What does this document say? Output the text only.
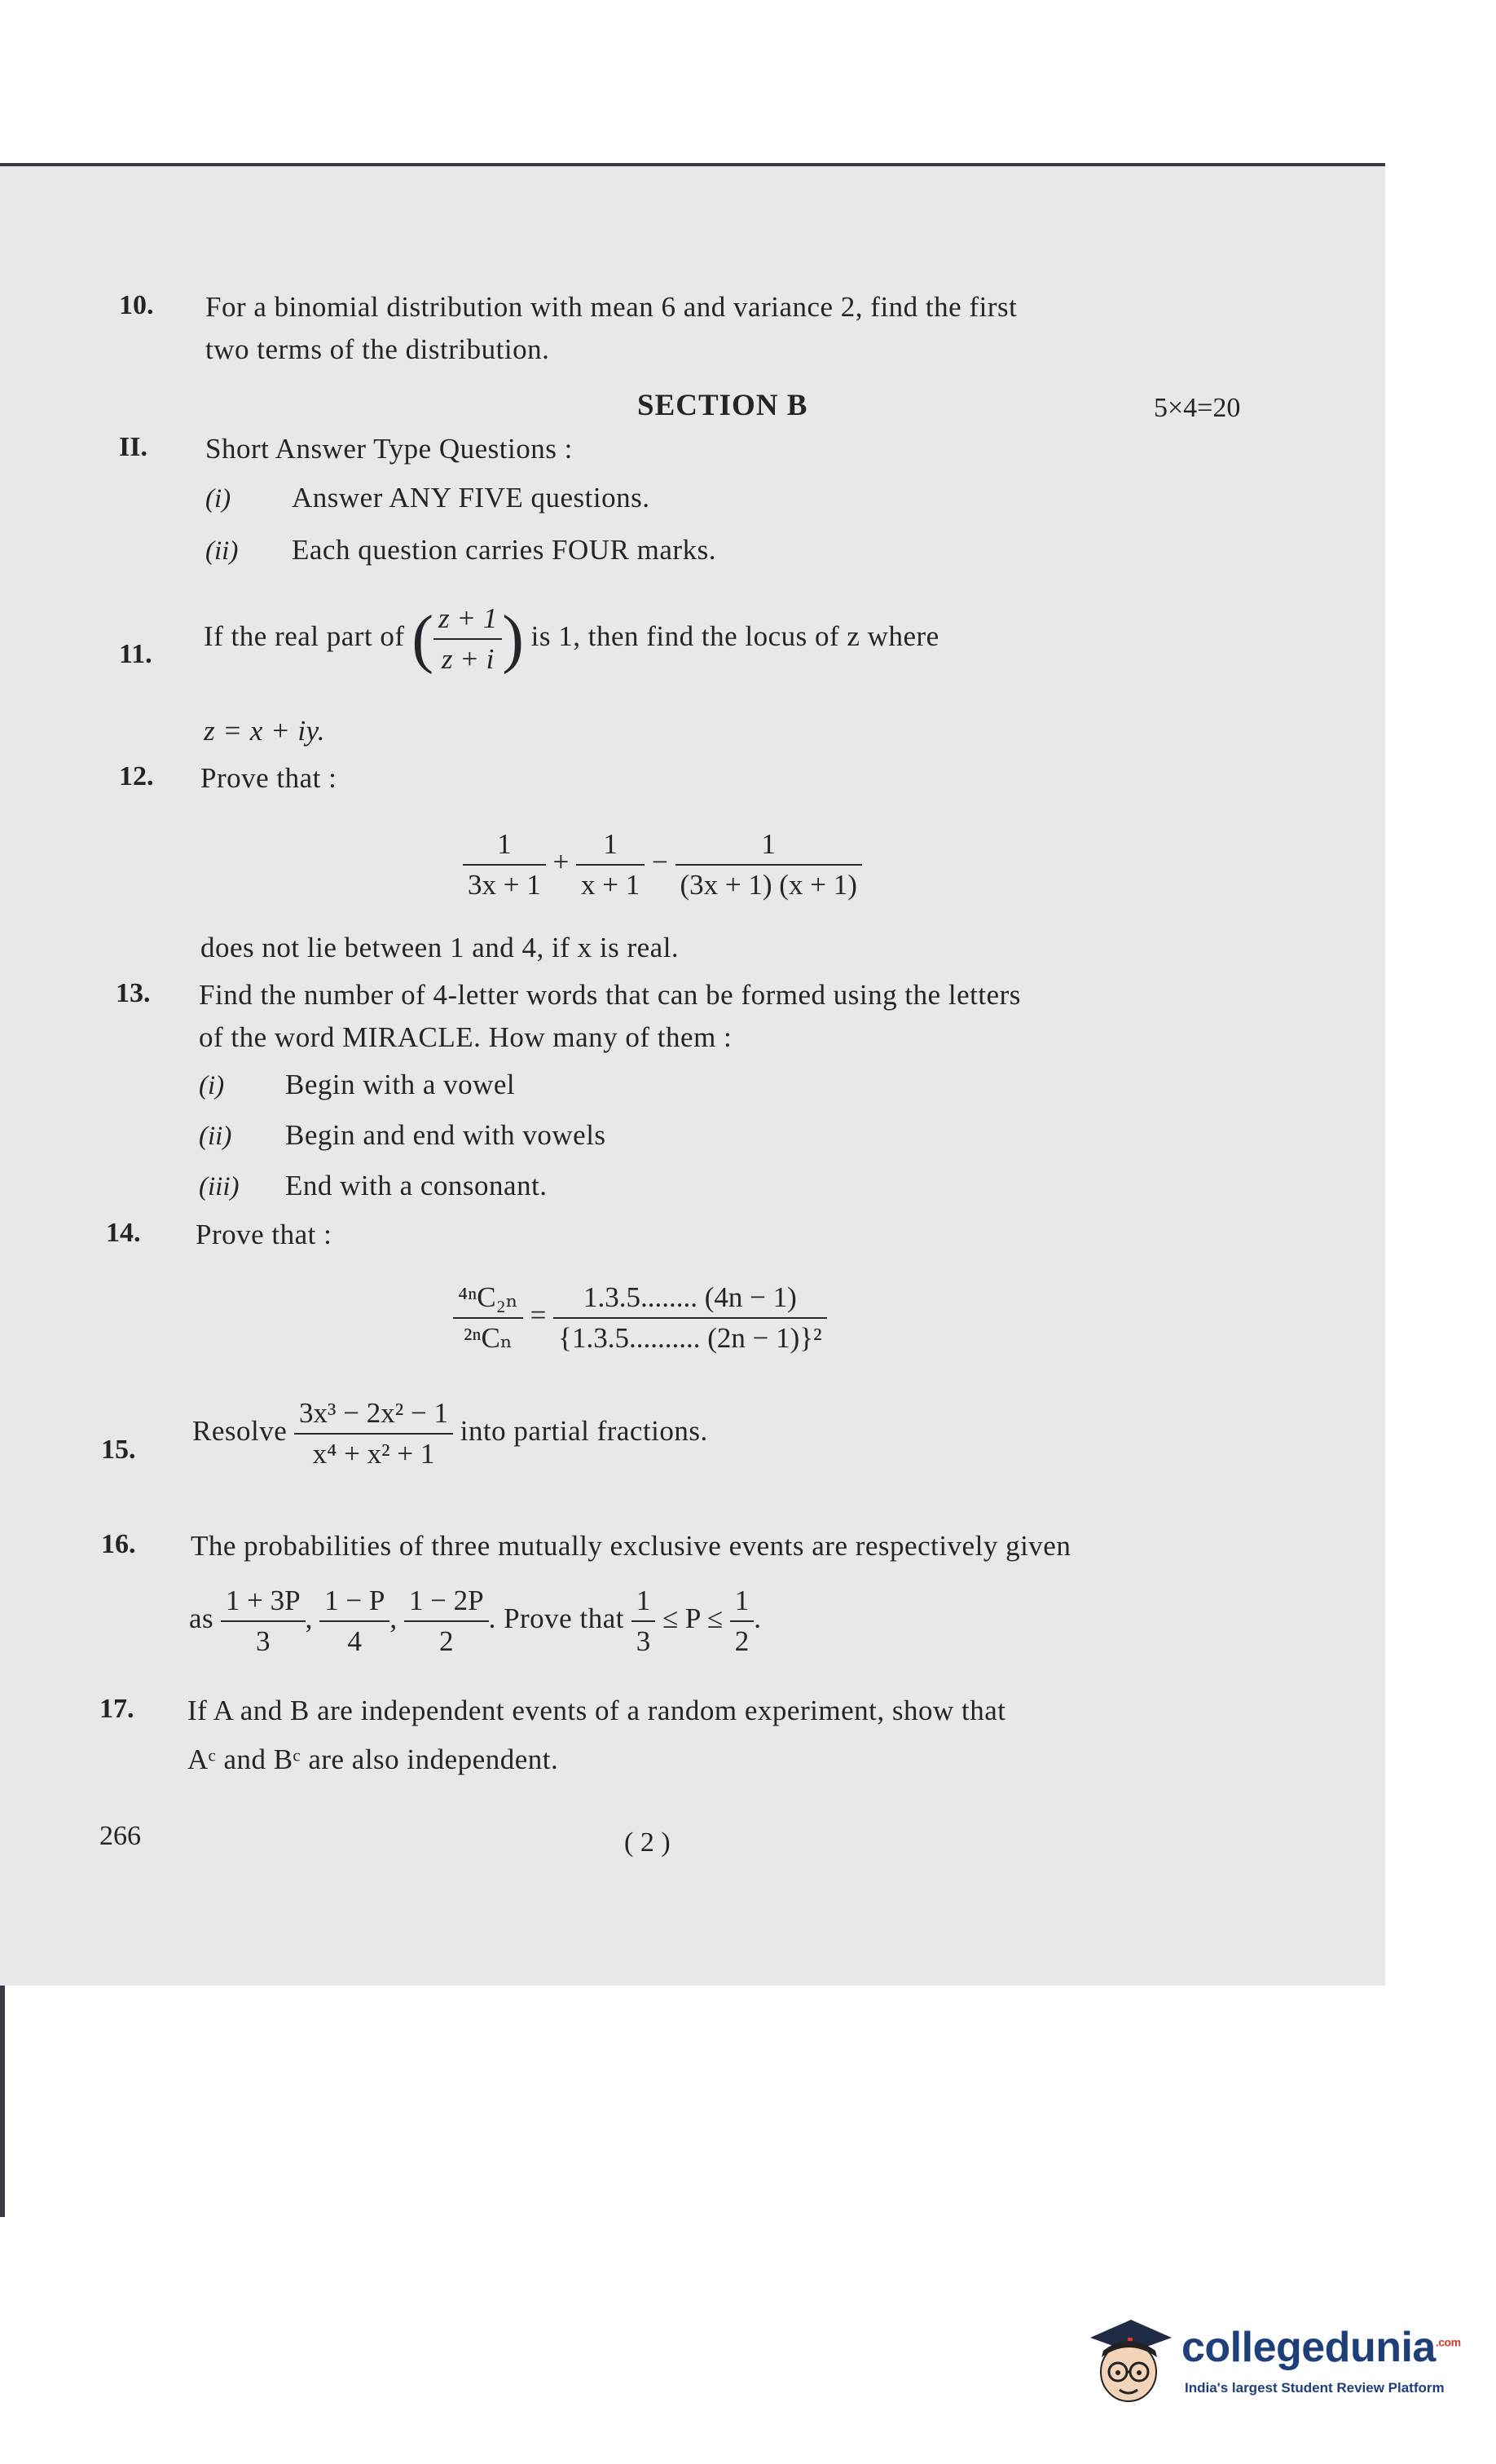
10. For a binomial distribution with mean 6 and variance 2, find the first
two terms of the distribution.
SECTION B	5×4=20
II. Short Answer Type Questions :
(i) Answer ANY FIVE questions.
(ii) Each question carries FOUR marks.
11.
If the real part of ( $\frac{z + 1}{z + i}$ ) is 1, then find the locus of z where
z = x + iy.
12. Prove that :
$\frac{1}{3x + 1} + \frac{1}{x + 1} - \frac{1}{(3x + 1) (x + 1)}$
does not lie between 1 and 4, if x is real.
13. Find the number of 4-letter words that can be formed using the letters
of the word MIRACLE. How many of them :
(i) Begin with a vowel
(ii) Begin and end with vowels
(iii) End with a consonant.
14. Prove that :
$\frac{\text{⁴ⁿC₂ₙ}}{\text{²ⁿCₙ}} = \frac{1.3.5........ (4n - 1)}{\text{\{1.3.5.......... (2n − 1)\}²}}$
15.
Resolve $\frac{\text{3x³ − 2x² − 1}}{\text{x⁴ + x² + 1}}$ into partial fractions.
16. The probabilities of three mutually exclusive events are respectively given
as $\frac{1 + 3P}{3}$ , $\frac{1 - P}{4}$ , $\frac{1 - 2P}{2}$ . Prove that $\frac{1}{3} \le P \le \frac{1}{2}$ .
17. If A and B are independent events of a random experiment, show that
Aᶜ and Bᶜ are also independent.
266	( 2 )
collegedunia$^{.com}$
India's largest Student Review Platform
